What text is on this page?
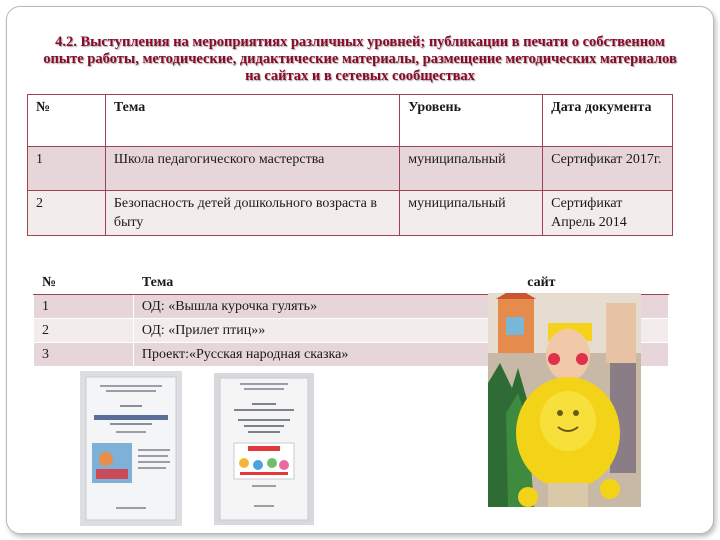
4.2. Выступления на мероприятиях различных уровней; публикации в печати о собственном опыте работы, методические, дидактические материалы, размещение методических материалов на сайтах и в сетевых сообществах
№	Тема	Уровень	Дата документа
1	Школа педагогического мастерства	муниципальный	Сертификат 2017г.
2	Безопасность детей дошкольного возраста в быту	муниципальный	Сертификат Апрель 2014
№	Тема	сайт
1	ОД: «Вышла курочка гулять»	
2	ОД: «Прилет птиц»»	
3	Проект:«Русская народная сказка»	
